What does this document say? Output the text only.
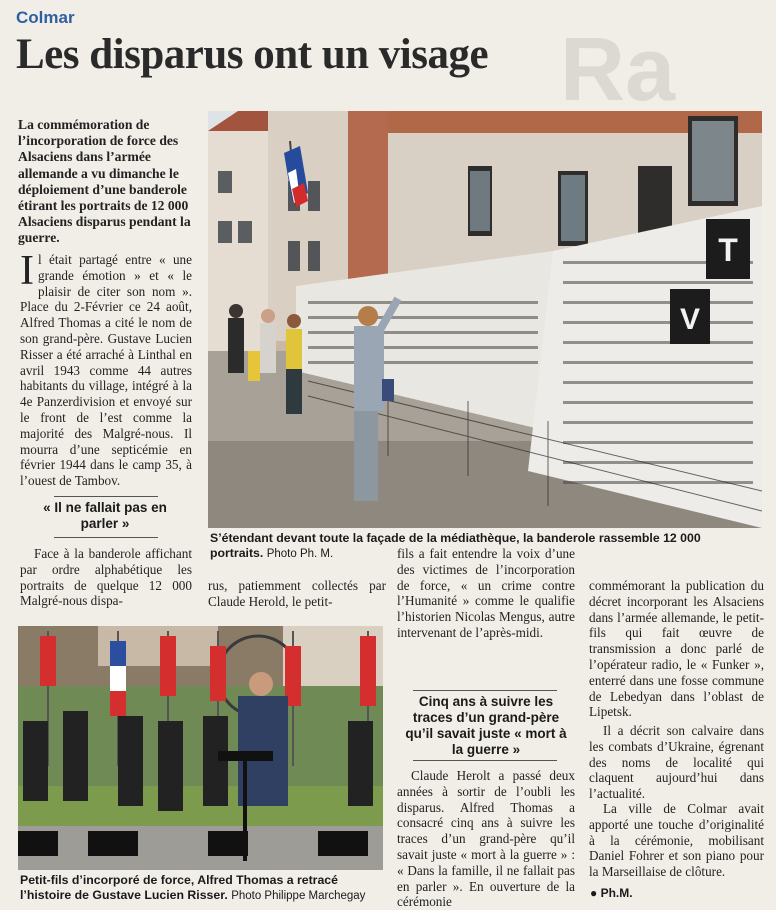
Colmar
Ra
Les disparus ont un visage
La commémoration de l’incorporation de force des Alsaciens dans l’armée allemande a vu dimanche le déploiement d’une banderole étirant les portraits de 12 000 Alsaciens disparus pendant la guerre.
Il était partagé entre « une grande émotion » et « le plaisir de citer son nom ». Place du 2-Février ce 24 août, Alfred Thomas a cité le nom de son grand-père. Gustave Lucien Risser a été arraché à Linthal en avril 1943 comme 44 autres habitants du village, intégré à la 4e Panzerdivision et envoyé sur le front de l’est comme la majorité des Malgré-nous. Il mourra d’une septicémie en février 1944 dans le camp 35, à l’ouest de Tambov.
« Il ne fallait pas en parler »
Face à la banderole affichant par ordre alphabétique les portraits de quelque 12 000 Malgré-nous dispa-
T
V
S’étendant devant toute la façade de la médiathèque, la banderole rassemble 12 000 portraits. Photo Ph. M.
rus, patiemment collectés par Claude Herold, le petit-
Petit-fils d’incorporé de force, Alfred Thomas a retracé l’histoire de Gustave Lucien Risser. Photo Philippe Marchegay
fils a fait entendre la voix d’une des victimes de l’incorporation de force, « un crime contre l’Humanité » comme le qualifie l’historien Nicolas Mengus, autre intervenant de l’après-midi.
Cinq ans à suivre les traces d’un grand-père qu’il savait juste « mort à la guerre »
Claude Herolt a passé deux années à sortir de l’oubli les disparus. Alfred Thomas a consacré cinq ans à suivre les traces d’un grand-père qu’il savait juste « mort à la guerre » : « Dans la famille, il ne fallait pas en parler ». En ouverture de la cérémonie
commémorant la publication du décret incorporant les Alsaciens dans l’armée allemande, le petit-fils qui fait œuvre de transmission a donc parlé de l’opérateur radio, le « Funker », enterré dans une fosse commune de Lebedyan dans l’oblast de Lipetsk.
Il a décrit son calvaire dans les combats d’Ukraine, égrenant des noms de localité qui claquent aujourd’hui dans l’actualité.
La ville de Colmar avait apporté une touche d’originalité à la cérémonie, mobilisant Daniel Fohrer et son piano pour la Marseillaise de clôture.
● Ph.M.
